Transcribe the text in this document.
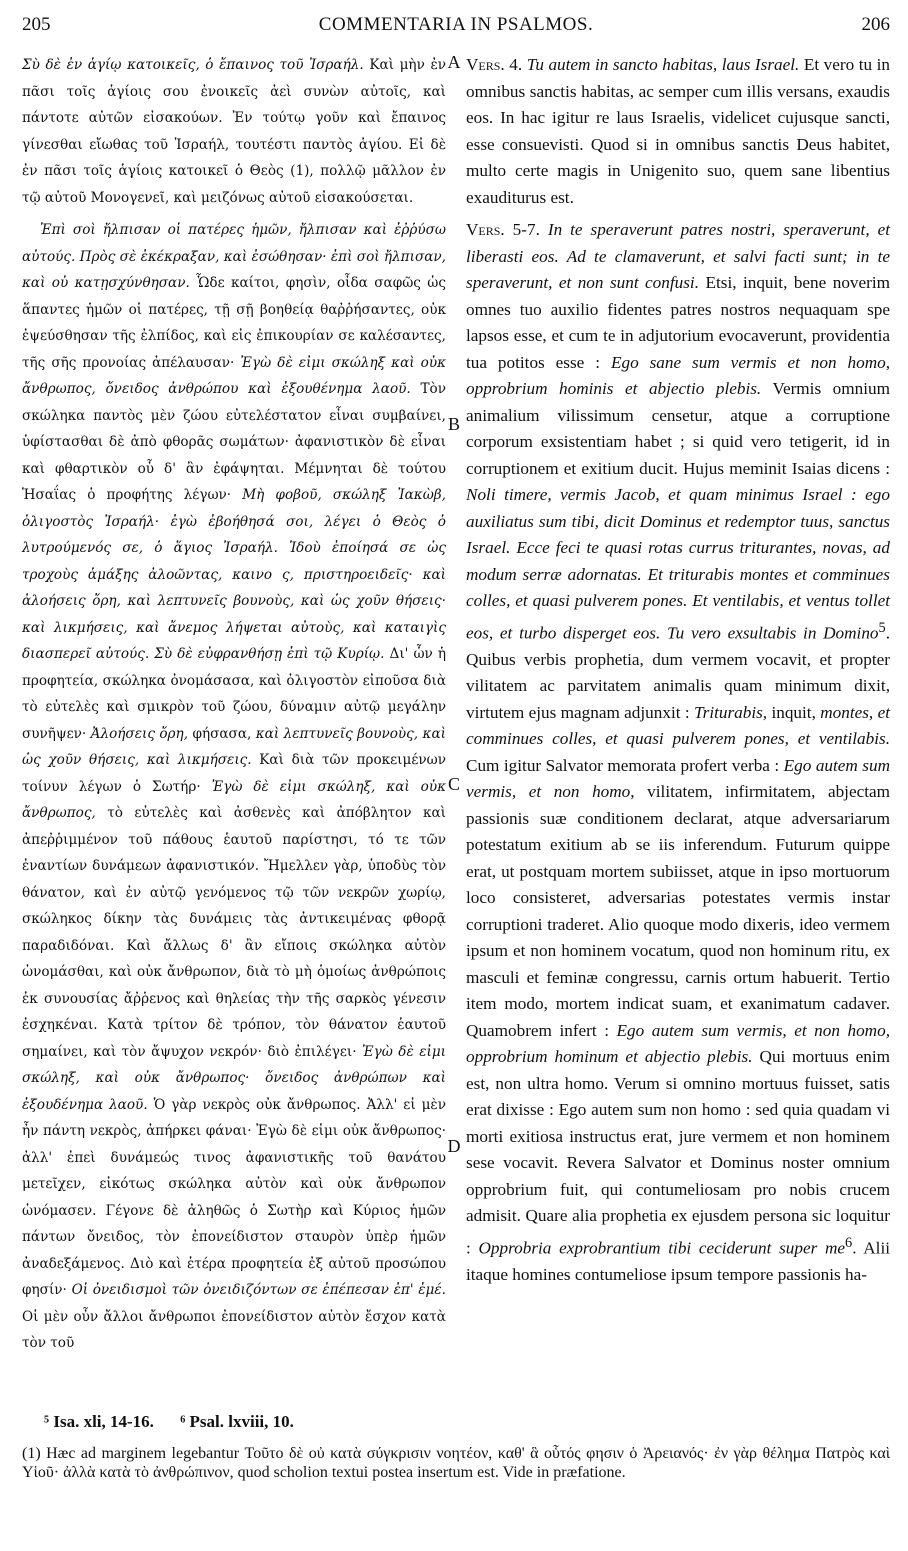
205	COMMENTARIA IN PSALMOS.	206

Σὺ δὲ ἐν ἁγίῳ κατοικεῖς, ὁ ἔπαινος τοῦ Ἰσραήλ. Καὶ μὴν ἐν πᾶσι τοῖς ἁγίοις σου ἐνοικεῖς ἀεὶ συνὼν αὐτοῖς, καὶ πάντοτε αὐτῶν εἰσακούων. Ἐν τούτῳ γοῦν καὶ ἔπαινος γίνεσθαι εἴωθας τοῦ Ἰσραήλ, τουτέστι παντὸς ἁγίου. Εἰ δὲ ἐν πᾶσι τοῖς ἁγίοις κατοικεῖ ὁ Θεὸς (1), πολλῷ μᾶλλον ἐν τῷ αὐτοῦ Μονογενεῖ, καὶ μειζόνως αὐτοῦ εἰσακούσεται.

Ἐπὶ σοὶ ἤλπισαν οἱ πατέρες ἡμῶν, ἤλπισαν καὶ ἐῤῥύσω αὐτούς. Πρὸς σὲ ἐκέκραξαν, καὶ ἐσώθησαν· ἐπὶ σοὶ ἤλπισαν, καὶ οὐ κατῃσχύνθησαν. Ὧδε καίτοι, φησὶν, οἶδα σαφῶς ὡς ἅπαντες ἡμῶν οἱ πατέρες, τῇ σῇ βοηθείᾳ θαῤῥήσαντες, οὐκ ἐψεύσθησαν τῆς ἐλπίδος, καὶ εἰς ἐπικουρίαν σε καλέσαντες, τῆς σῆς προνοίας ἀπέλαυσαν· Ἐγὼ δὲ εἰμι σκώληξ καὶ οὐκ ἄνθρωπος, ὄνειδος ἀνθρώπου καὶ ἐξουθένημα λαοῦ. Τὸν σκώληκα παντὸς μὲν ζώου εὐτελέστατον εἶναι συμβαίνει, ὑφίστασθαι δὲ ἀπὸ φθορᾶς σωμάτων· ἀφανιστικὸν δὲ εἶναι καὶ φθαρτικὸν οὗ δ' ἂν ἐφάψηται. Μέμνηται δὲ τούτου Ἡσαΐας ὁ προφήτης λέγων· Μὴ φοβοῦ, σκώληξ Ἰακὼβ, ὀλιγοστὸς Ἰσραήλ· ἐγὼ ἐβοήθησά σοι, λέγει ὁ Θεὸς ὁ λυτρούμενός σε, ὁ ἅγιος Ἰσραήλ. Ἰδοὺ ἐποίησά σε ὡς τροχοὺς ἁμάξης ἀλοῶντας, καινο ς, πριστηροειδεῖς· καὶ ἀλοήσεις ὄρη, καὶ λεπτυνεῖς βουνοὺς, καὶ ὡς χοῦν θήσεις· καὶ λικμήσεις, καὶ ἄνεμος λήψεται αὐτοὺς, καὶ καταιγὶς διασπερεῖ αὐτούς. Σὺ δὲ εὐφρανθήσῃ ἐπὶ τῷ Κυρίῳ. Δι' ὧν ἡ προφητεία, σκώληκα ὀνομάσασα, καὶ ὀλιγοστὸν εἰποῦσα διὰ τὸ εὐτελὲς καὶ σμικρὸν τοῦ ζώου, δύναμιν αὐτῷ μεγάλην συνῆψεν· Ἀλοήσεις ὄρη, φήσασα, καὶ λεπτυνεῖς βουνοὺς, καὶ ὡς χοῦν θήσεις, καὶ λικμήσεις. Καὶ διὰ τῶν προκειμένων τοίνυν λέγων ὁ Σωτήρ· Ἐγὼ δὲ εἰμι σκώληξ, καὶ οὐκ ἄνθρωπος, τὸ εὐτελὲς καὶ ἀσθενὲς καὶ ἀπόβλητον καὶ ἀπεῤῥιμμένον τοῦ πάθους ἑαυτοῦ παρίστησι, τό τε τῶν ἐναντίων δυνάμεων ἀφανιστικόν. Ἤμελλεν γὰρ, ὑποδὺς τὸν θάνατον, καὶ ἐν αὐτῷ γενόμενος τῷ τῶν νεκρῶν χωρίῳ, σκώληκος δίκην τὰς δυνάμεις τὰς ἀντικειμένας φθορᾷ παραδιδόναι. Καὶ ἄλλως δ' ἂν εἴποις σκώληκα αὐτὸν ὠνομάσθαι, καὶ οὐκ ἄνθρωπον, διὰ τὸ μὴ ὁμοίως ἀνθρώποις ἐκ συνουσίας ἄῤῥενος καὶ θηλείας τὴν τῆς σαρκὸς γένεσιν ἐσχηκέναι. Κατὰ τρίτον δὲ τρόπον, τὸν θάνατον ἑαυτοῦ σημαίνει, καὶ τὸν ἄψυχον νεκρόν· διὸ ἐπιλέγει· Ἐγὼ δὲ εἰμι σκώληξ, καὶ οὐκ ἄνθρωπος· ὄνειδος ἀνθρώπων καὶ ἐξουδένημα λαοῦ. Ὁ γὰρ νεκρὸς οὐκ ἄνθρωπος. Ἀλλ' εἰ μὲν ἦν πάντη νεκρὸς, ἀπήρκει φάναι· Ἐγὼ δὲ εἰμι οὐκ ἄνθρωπος· ἀλλ' ἐπεὶ δυνάμεώς τινος ἀφανιστικῆς τοῦ θανάτου μετεῖχεν, εἰκότως σκώληκα αὐτὸν καὶ οὐκ ἄνθρωπον ὠνόμασεν. Γέγονε δὲ ἀληθῶς ὁ Σωτὴρ καὶ Κύριος ἡμῶν πάντων ὄνειδος, τὸν ἐπονείδιστον σταυρὸν ὑπὲρ ἡμῶν ἀναδεξάμενος. Διὸ καὶ ἑτέρα προφητεία ἐξ αὐτοῦ προσώπου φησίν· Οἱ ὀνειδισμοὶ τῶν ὀνειδιζόντων σε ἐπέπεσαν ἐπ' ἐμέ. Οἱ μὲν οὖν ἄλλοι ἄνθρωποι ἐπονείδιστον αὐτὸν ἔσχον κατὰ τὸν τοῦ

A
B
C
D

Vers. 4. Tu autem in sancto habitas, laus Israel. Et vero tu in omnibus sanctis habitas, ac semper cum illis versans, exaudis eos. In hac igitur re laus Israelis, videlicet cujusque sancti, esse consuevisti. Quod si in omnibus sanctis Deus habitet, multo certe magis in Unigenito suo, quem sane libentius exauditurus est.

Vers. 5-7. In te speraverunt patres nostri, speraverunt, et liberasti eos. Ad te clamaverunt, et salvi facti sunt; in te speraverunt, et non sunt confusi. Etsi, inquit, bene noverim omnes tuo auxilio fidentes patres nostros nequaquam spe lapsos esse, et cum te in adjutorium evocaverunt, providentia tua potitos esse : Ego sane sum vermis et non homo, opprobrium hominis et abjectio plebis. Vermis omnium animalium vilissimum censetur, atque a corruptione corporum exsistentiam habet ; si quid vero tetigerit, id in corruptionem et exitium ducit. Hujus meminit Isaias dicens : Noli timere, vermis Jacob, et quam minimus Israel : ego auxiliatus sum tibi, dicit Dominus et redemptor tuus, sanctus Israel. Ecce feci te quasi rotas currus triturantes, novas, ad modum serræ adornatas. Et triturabis montes et comminues colles, et quasi pulverem pones. Et ventilabis, et ventus tollet eos, et turbo disperget eos. Tu vero exsultabis in Domino$^5$. Quibus verbis prophetia, dum vermem vocavit, et propter vilitatem ac parvitatem animalis quam minimum dixit, virtutem ejus magnam adjunxit : Triturabis, inquit, montes, et comminues colles, et quasi pulverem pones, et ventilabis. Cum igitur Salvator memorata profert verba : Ego autem sum vermis, et non homo, vilitatem, infirmitatem, abjectam passionis suæ conditionem declarat, atque adversariarum potestatum exitium ab se iis inferendum. Futurum quippe erat, ut postquam mortem subiisset, atque in ipso mortuorum loco consisteret, adversarias potestates vermis instar corruptioni traderet. Alio quoque modo dixeris, ideo vermem ipsum et non hominem vocatum, quod non hominum ritu, ex masculi et feminæ congressu, carnis ortum habuerit. Tertio item modo, mortem indicat suam, et exanimatum cadaver. Quamobrem infert : Ego autem sum vermis, et non homo, opprobrium hominum et abjectio plebis. Qui mortuus enim est, non ultra homo. Verum si omnino mortuus fuisset, satis erat dixisse : Ego autem sum non homo : sed quia quadam vi morti exitiosa instructus erat, jure vermem et non hominem sese vocavit. Revera Salvator et Dominus noster omnium opprobrium fuit, qui contumeliosam pro nobis crucem admisit. Quare alia prophetia ex ejusdem persona sic loquitur : Opprobria exprobrantium tibi ceciderunt super $me^6$. Alii itaque homines contumeliose ipsum tempore passionis ha-

⁵ Isa. xli, 14-16. ⁶ Psal. lxviii, 10.
(1) Hæc ad marginem legebantur Τοῦτο δὲ οὐ κατὰ σύγκρισιν νοητέον, καθ' ἃ οὗτός φησιν ὁ Ἀρειανός· ἐν γὰρ θέλημα Πατρὸς καὶ Υἱοῦ· ἀλλὰ κατὰ τὸ ἀνθρώπινον, quod scholion textui postea insertum est. Vide in præfatione.
